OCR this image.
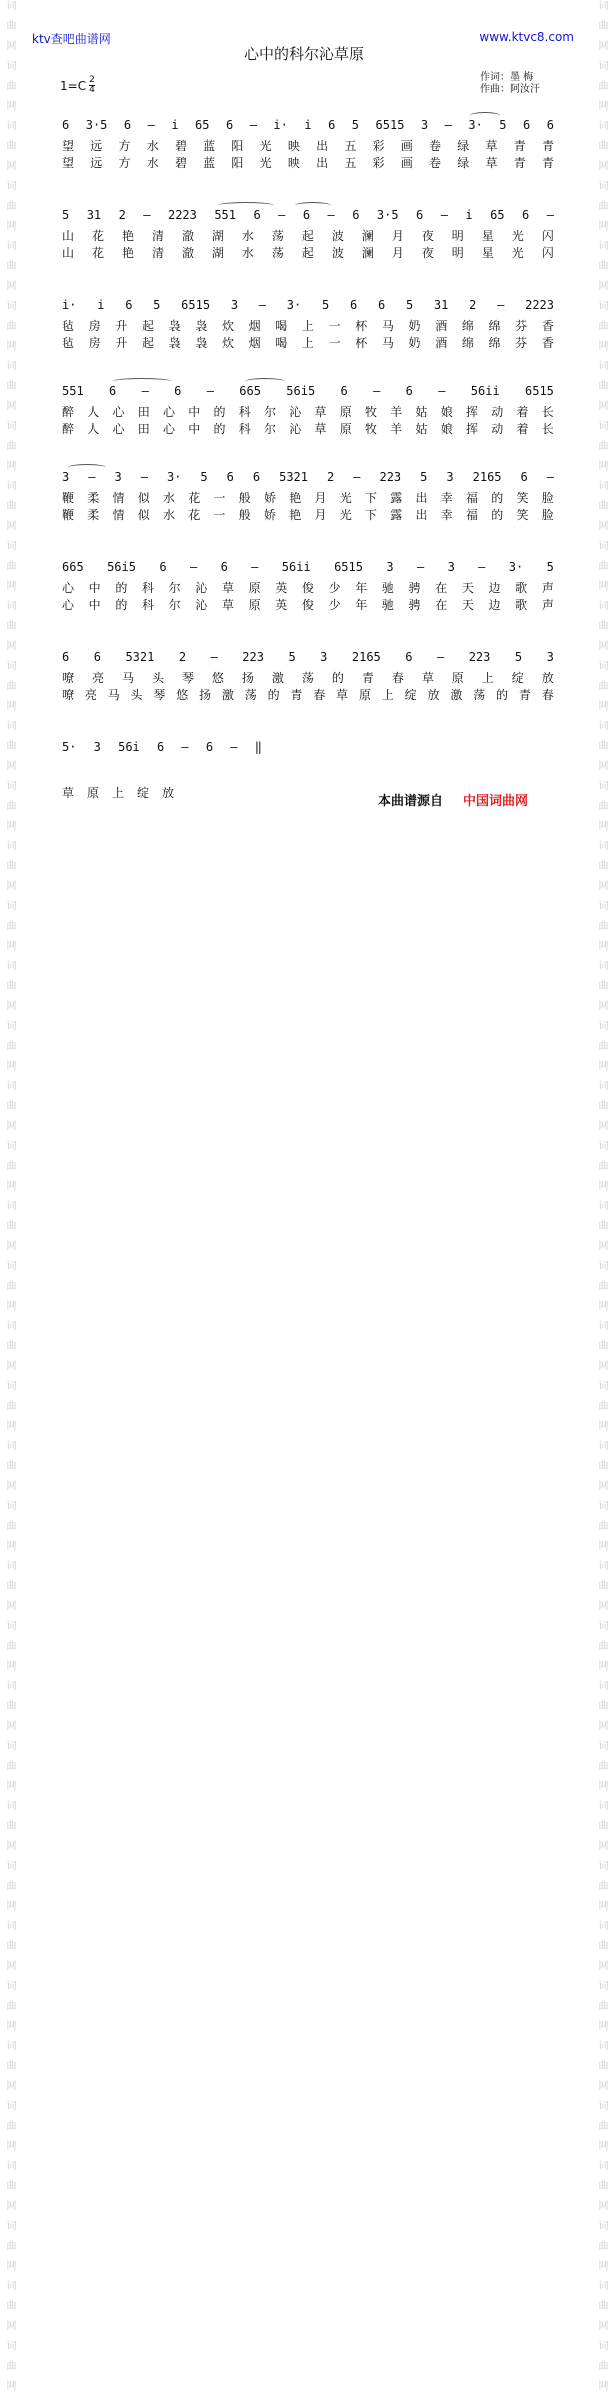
词曲网词曲网词曲网词曲网词曲网词曲网词曲网词曲网词曲网词曲网词曲网词曲网词曲网词曲网词曲网词曲网词曲网词曲网词曲网词曲网词曲网词曲网词曲网词曲网词曲网词曲网词曲网词曲网词曲网词曲网词曲网词曲网词曲网词曲网词曲网词曲网词曲网词曲网词曲网词曲网	词曲网词曲网词曲网词曲网词曲网词曲网词曲网词曲网词曲网词曲网词曲网词曲网词曲网词曲网词曲网词曲网词曲网词曲网词曲网词曲网词曲网词曲网词曲网词曲网词曲网词曲网词曲网词曲网词曲网词曲网词曲网词曲网词曲网词曲网词曲网词曲网词曲网词曲网词曲网词曲网
ktv查吧曲谱网	www.ktvc8.com
心中的科尔沁草原
$1=C \frac{2}{4}$	作词：墨 梅
作曲：阿汝汗
6 3·5 6 – i 65 6 – i· i 6 5 6515 3 – 3· 5 6 6
望 远 方 水 碧 蓝 阳 光 映 出 五 彩 画 卷 绿 草 青 青
望 远 方 水 碧 蓝 阳 光 映 出 五 彩 画 卷 绿 草 青 青
5 31 2 – 2223 551 6 – 6 – 6 3·5 6 – i 65 6 –
山 花 艳 清 澈 湖 水 荡 起 波 澜 月 夜 明 星 光 闪
山 花 艳 清 澈 湖 水 荡 起 波 澜 月 夜 明 星 光 闪
i· i 6 5 6515 3 – 3· 5 6 6 5 31 2 – 2223
毡 房 升 起 袅 袅 炊 烟 喝 上 一 杯 马 奶 酒 绵 绵 芬 香
毡 房 升 起 袅 袅 炊 烟 喝 上 一 杯 马 奶 酒 绵 绵 芬 香
551 6 – 6 – 665 56i5 6 – 6 – 56ii 6515
醉 人 心 田 心 中 的 科 尔 沁 草 原 牧 羊 姑 娘 挥 动 着 长
醉 人 心 田 心 中 的 科 尔 沁 草 原 牧 羊 姑 娘 挥 动 着 长
3 – 3 – 3· 5 6 6 5321 2 – 223 5 3 2165 6 –
鞭 柔 情 似 水 花 一 般 娇 艳 月 光 下 露 出 幸 福 的 笑 脸
鞭 柔 情 似 水 花 一 般 娇 艳 月 光 下 露 出 幸 福 的 笑 脸
665 56i5 6 – 6 – 56ii 6515 3 – 3 – 3· 5
心 中 的 科 尔 沁 草 原 英 俊 少 年 驰 骋 在 天 边 歌 声
心 中 的 科 尔 沁 草 原 英 俊 少 年 驰 骋 在 天 边 歌 声
6 6 5321 2 – 223 5 3 2165 6 – 223 5 3
嘹 亮 马 头 琴 悠 扬 激 荡 的 青 春 草 原 上 绽 放
嘹 亮 马 头 琴 悠 扬 激 荡 的 青 春 草 原 上 绽 放 激 荡 的 青 春
5· 3 56i 6 – 6 – ‖
草 原 上 绽 放
本曲谱源自 中国词曲网
